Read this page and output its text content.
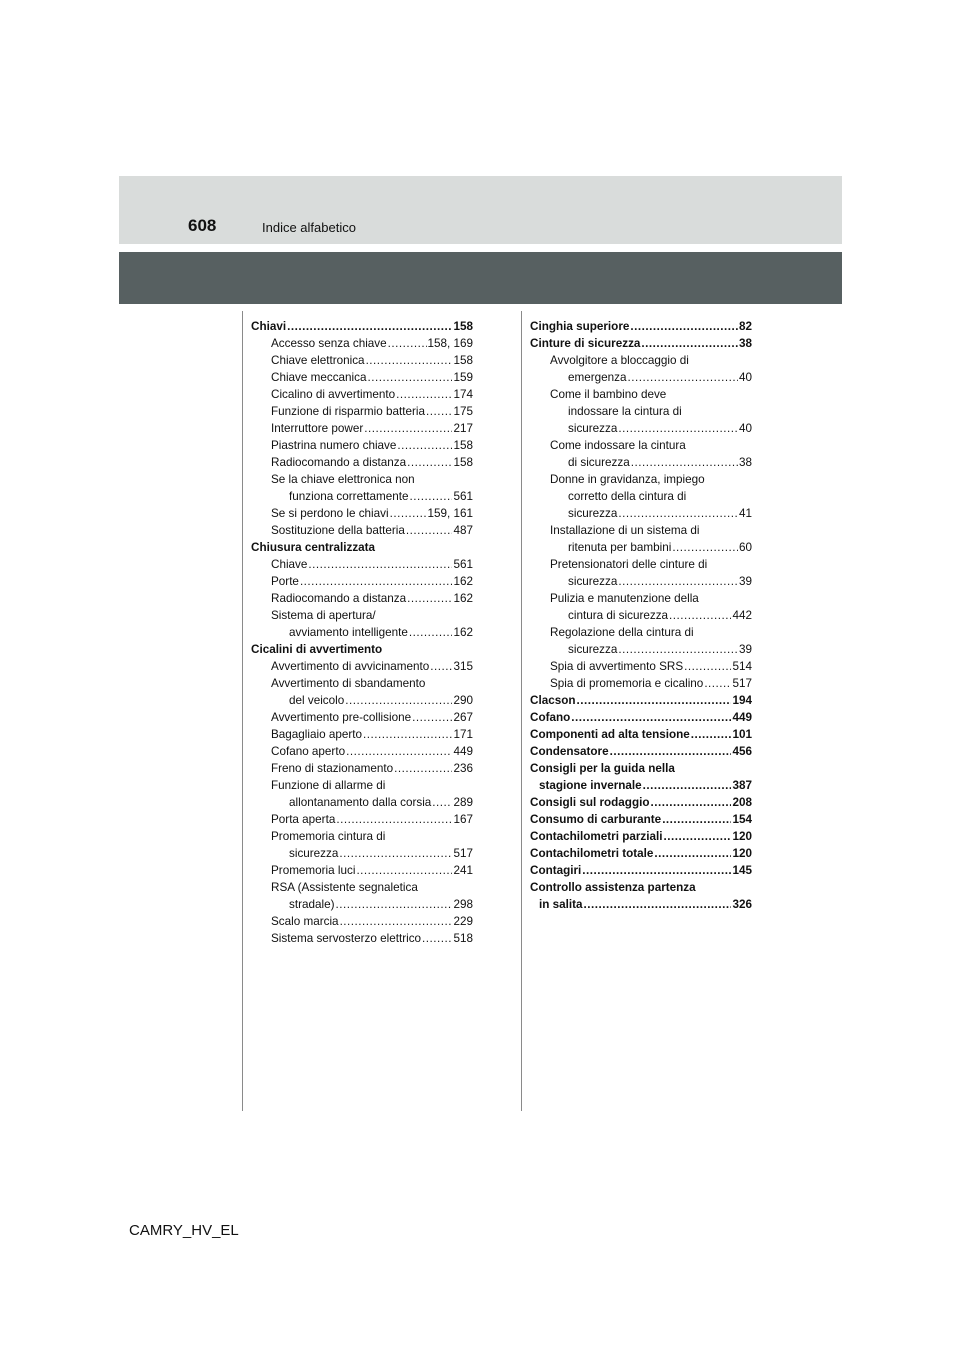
608	Indice alfabetico
Chiavi .....	158
Accesso senza chiave .....	158, 169
Chiave elettronica .....	158
Chiave meccanica .....	159
Cicalino di avvertimento .....	174
Funzione di risparmio batteria ..... 175
Interruttore power .....	217
Piastrina numero chiave .....	158
Radiocomando a distanza .....	158
Se la chiave elettronica non
funziona correttamente .....	561
Se si perdono le chiavi .....	159, 161
Sostituzione della batteria .....	487
Chiusura centralizzata
Chiave .....	561
Porte .....	162
Radiocomando a distanza .....	162
Sistema di apertura/
avviamento intelligente .....	162
Cicalini di avvertimento
Avvertimento di avvicinamento ..... 315
Avvertimento di sbandamento
del veicolo .....	290
Avvertimento pre-collisione .....	267
Bagagliaio aperto .....	171
Cofano aperto .....	449
Freno di stazionamento .....	236
Funzione di allarme di
allontanamento dalla corsia ..... 289
Porta aperta .....	167
Promemoria cintura di
sicurezza .....	517
Promemoria luci .....	241
RSA (Assistente segnaletica
stradale) .....	298
Scalo marcia .....	229
Sistema servosterzo elettrico .....	518
Cinghia superiore .....	82
Cinture di sicurezza .....	38
Avvolgitore a bloccaggio di
emergenza .....	40
Come il bambino deve
indossare la cintura di
sicurezza .....	40
Come indossare la cintura
di sicurezza .....	38
Donne in gravidanza, impiego
corretto della cintura di
sicurezza .....	41
Installazione di un sistema di
ritenuta per bambini .....	60
Pretensionatori delle cinture di
sicurezza .....	39
Pulizia e manutenzione della
cintura di sicurezza .....	442
Regolazione della cintura di
sicurezza .....	39
Spia di avvertimento SRS .....	514
Spia di promemoria e cicalino ..... 517
Clacson .....	194
Cofano .....	449
Componenti ad alta tensione .....	101
Condensatore .....	456
Consigli per la guida nella
stagione invernale .....	387
Consigli sul rodaggio .....	208
Consumo di carburante .....	154
Contachilometri parziali .....	120
Contachilometri totale .....	120
Contagiri .....	145
Controllo assistenza partenza
in salita .....	326
CAMRY_HV_EL
